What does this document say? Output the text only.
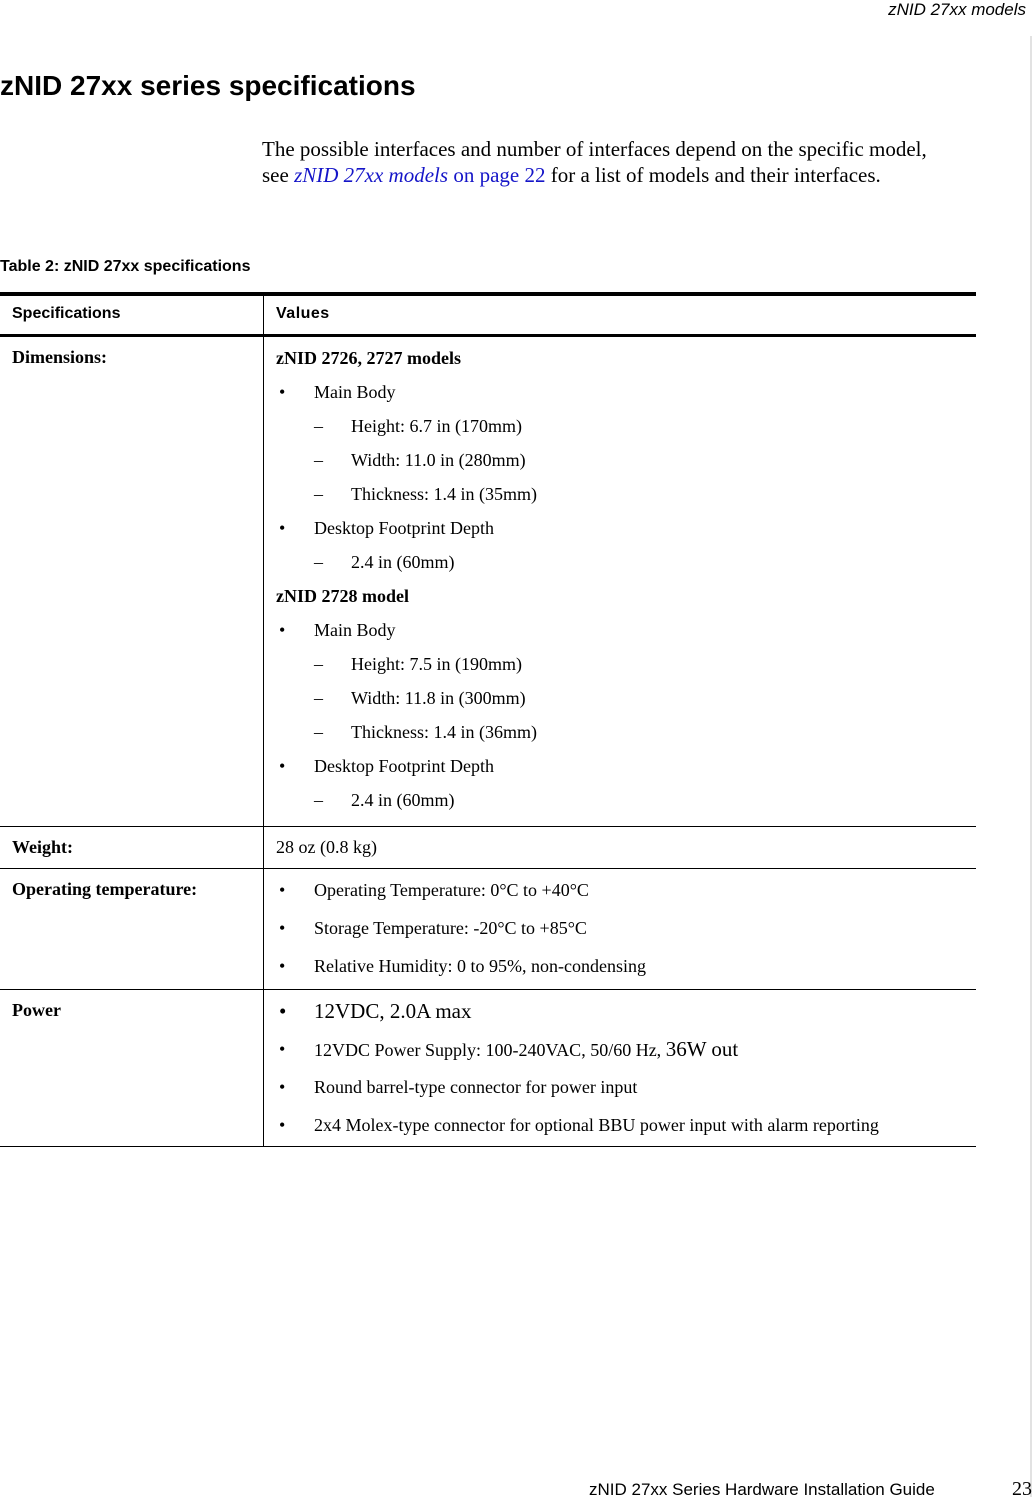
zNID 27xx models
zNID 27xx series specifications

The possible interfaces and number of interfaces depend on the specific model, see zNID 27xx models on page 22 for a list of models and their interfaces.

Table 2: zNID 27xx specifications
Specifications	Values
Dimensions:	zNID 2726, 2727 models
• Main Body
– Height: 6.7 in (170mm)
– Width: 11.0 in (280mm)
– Thickness: 1.4 in (35mm)
• Desktop Footprint Depth
– 2.4 in (60mm)
zNID 2728 model
• Main Body
– Height: 7.5 in (190mm)
– Width: 11.8 in (300mm)
– Thickness: 1.4 in (36mm)
• Desktop Footprint Depth
– 2.4 in (60mm)
Weight:	28 oz (0.8 kg)
Operating temperature:	• Operating Temperature: 0°C to +40°C
• Storage Temperature: -20°C to +85°C
• Relative Humidity: 0 to 95%, non-condensing
Power	• 12VDC, 2.0A max
• 12VDC Power Supply: 100-240VAC, 50/60 Hz, 36W out
• Round barrel-type connector for power input
• 2x4 Molex-type connector for optional BBU power input with alarm reporting
zNID 27xx Series Hardware Installation Guide	23
